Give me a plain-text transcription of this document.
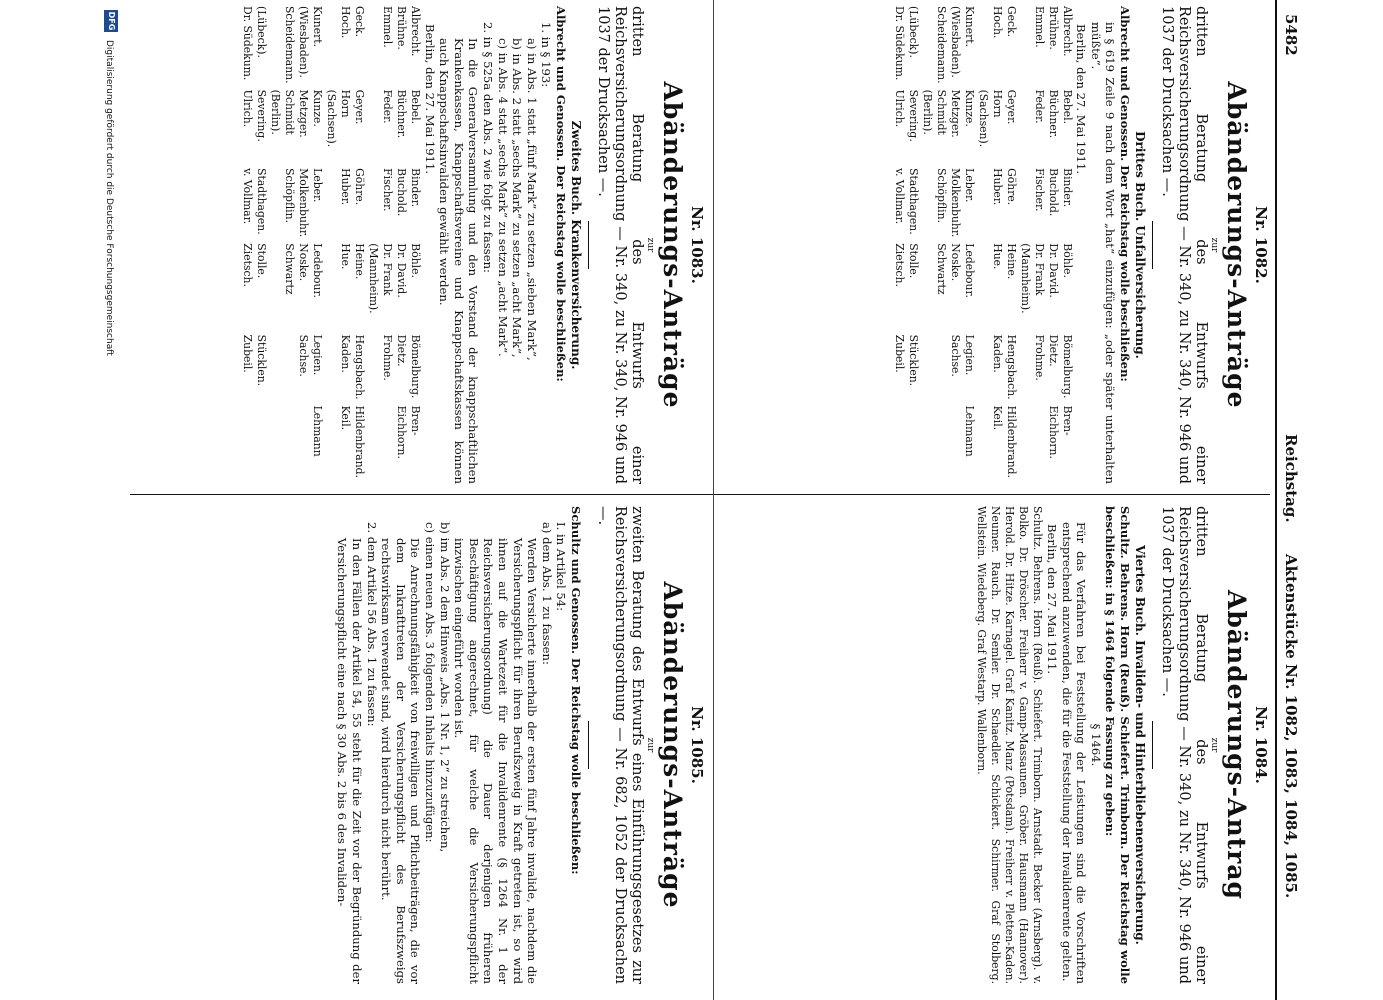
5482
Reichstag.
Aktenstücke Nr. 1082, 1083, 1084, 1085.
Nr. 1082.
Abänderungs-Anträge
zur

dritten Beratung des Entwurfs einer Reichsversicherungsordnung — Nr. 340, zu Nr. 340, Nr. 946 und 1037 der Drucksachen —.

Drittes Buch. Unfallversicherung.

Albrecht und Genossen. Der Reichstag wolle beschließen:

in § 619 Zeile 9 nach dem Wort „hat“ einzufügen: „oder später unterhalten müßte“.

Berlin, den 27. Mai 1911.

Albrecht.
Bebel.
Binder.
Böhle.
Bömelburg.
Bren-
Brühne.
Büchner.
Buchold.
Dr. David.
Dietz.
Eichhorn.
Emmel.
Feder.
Fischer.
Dr. Frank (Mannheim).
Frohme.
Geck.
Geyer.
Göhre.
Heine.
Hengsbach.
Hildenbrand.
Hoch.
Horn (Sachsen).
Huber.
Hue.
Kaden.
Keil.
Kunert.
Kunze.
Leber.
Ledebour.
Legien.
Lehmann
(Wiesbaden).
Metzger.
Molkenbuhr.
Noske.
Sachse.
Scheidemann.
Schmidt (Berlin).
Schöpflin.
Schwartz
(Lübeck).
Severing.
Stadthagen.
Stolle.
Stücklen.
Dr. Südekum.
Ulrich.
v. Vollmar.
Zietsch.
Zubeil.
Nr. 1084.
Abänderungs-Antrag
zur

dritten Beratung des Entwurfs einer Reichsversicherungsordnung — Nr. 340, zu Nr. 340, Nr. 946 und 1037 der Drucksachen —.

Viertes Buch. Invaliden- und Hinterbliebenenversicherung.

Schultz. Behrens. Horn (Reuß). Schiefert. Trimborn. Der Reichstag wolle beschließen: in § 1464 folgende Fassung zu geben:

§ 1464.

Für das Verfahren bei Feststellung der Leistungen sind die Vorschriften entsprechend anzuwenden, die für die Feststellung der Invalidenrente gelten.

Berlin, den 27. Mai 1911.

Schultz. Behrens. Horn (Reuß). Schiefert. Trimborn. Arnstadt. Becker (Arnsberg). v. Bolko. Dr. Dröscher. Freiherr v. Gamp-Massaunen. Gröber. Hausmann (Hannover). Herold. Dr. Hitze. Karnagel. Graf Kanitz. Manz (Potsdam). Freiherr v. Pletten-Kaden. Neumer. Rauch. Dr. Semler. Dr. Schaedler. Schickert. Schirmer. Graf Stolberg. Wellstein. Wiedeberg. Graf Westarp. Wallenborn.

Nr. 1083.
Abänderungs-Anträge
zur

dritten Beratung des Entwurfs einer Reichsversicherungsordnung — Nr. 340, zu Nr. 340, Nr. 946 und 1037 der Drucksachen —.

Zweites Buch. Krankenversicherung.

Albrecht und Genossen. Der Reichstag wolle beschließen:

1. in § 193:

a) in Abs. 1 statt „fünf Mark“ zu setzen „sieben Mark“,

b) in Abs. 2 statt „sechs Mark“ zu setzen „acht Mark“,

c) in Abs. 4 statt „sechs Mark“ zu setzen „acht Mark“.

2. in § 525a den Abs. 2 wie folgt zu fassen:

In die Generalversammlung und den Vorstand der knappschaftlichen Krankenkassen, Knappschaftsvereine und Knappschaftskassen können auch Knappschaftsinvaliden gewählt werden.

Berlin, den 27. Mai 1911.

Albrecht.
Bebel.
Binder.
Böhle.
Bömelburg.
Bren-
Brühne.
Büchner.
Buchold.
Dr. David.
Dietz.
Eichhorn.
Emmel.
Feder.
Fischer.
Dr. Frank (Mannheim).
Frohme.
Geck.
Geyer.
Göhre.
Heine.
Hengsbach.
Hildenbrand.
Hoch.
Horn (Sachsen).
Huber.
Hue.
Kaden.
Keil.
Kunert.
Kunze.
Leber.
Ledebour.
Legien.
Lehmann
(Wiesbaden).
Metzger.
Molkenbuhr.
Noske.
Sachse.
Scheidemann.
Schmidt (Berlin).
Schöpflin.
Schwartz
(Lübeck).
Severing.
Stadthagen.
Stolle.
Stücklen.
Dr. Südekum.
Ulrich.
v. Vollmar.
Zietsch.
Zubeil.
Nr. 1085.
Abänderungs-Anträge
zur

zweiten Beratung des Entwurfs eines Einführungsgesetzes zur Reichsversicherungsordnung — Nr. 682, 1052 der Drucksachen —.

Schultz und Genossen. Der Reichstag wolle beschließen:

I. in Artikel 54:

a) dem Abs. 1 zu fassen:

Werden Versicherte innerhalb der ersten fünf Jahre invalide, nachdem die Versicherungspflicht für ihren Berufszweig in Kraft getreten ist, so wird ihnen auf die Wartezeit für die Invalidenrente (§ 1264 Nr. 1 der Reichsversicherungsordnung) die Dauer derjenigen früheren Beschäftigung angerechnet, für welche die Versicherungspflicht inzwischen eingeführt worden ist.

b) im Abs. 2 dem Hinweis „Abs. 1 Nr. 1, 2“ zu streichen,

c) einen neuen Abs. 3 folgenden Inhalts hinzuzufügen:

Die Anrechnungsfähigkeit von freiwilligen und Pflichtbeiträgen, die vor dem Inkrafttreten der Versicherungspflicht des Berufszweigs rechtswirksam verwendet sind, wird hierdurch nicht berührt.

2. dem Artikel 56 Abs. 1 zu fassen:

In den Fällen der Artikel 54, 55 steht für die Zeit vor der Begründung der Versicherungspflicht eine nach § 30 Abs. 2 bis 6 des Invaliden-

DFG
Digitalisierung gefördert durch die Deutsche Forschungsgemeinschaft
